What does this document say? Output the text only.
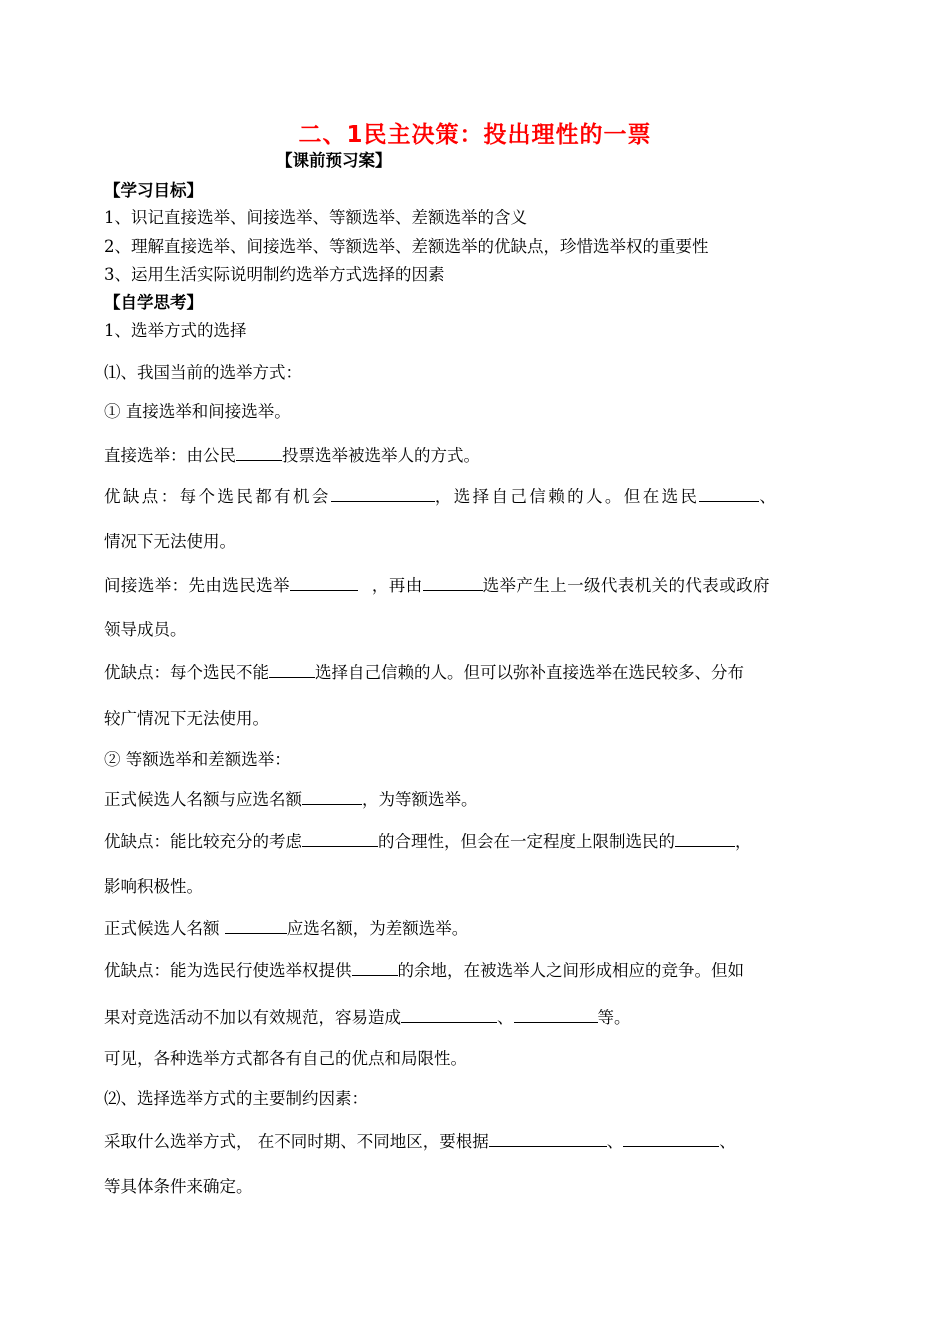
二、1民主决策：投出理性的一票
【课前预习案】
【学习目标】
1、识记直接选举、间接选举、等额选举、差额选举的含义
2、理解直接选举、间接选举、等额选举、差额选举的优缺点，珍惜选举权的重要性
3、运用生活实际说明制约选举方式选择的因素
【自学思考】
1、选举方式的选择
⑴、我国当前的选举方式：
① 直接选举和间接选举。
直接选举：由公民	投票选举被选举人的方式。
优缺点：每个选民都有机会	，选择自己信赖的人。但在选民	、
情况下无法使用。
间接选举：先由选民选举	，再由	选举产生上一级代表机关的代表或政府
领导成员。
优缺点：每个选民不能	选择自己信赖的人。但可以弥补直接选举在选民较多、分布
较广情况下无法使用。
② 等额选举和差额选举：
正式候选人名额与应选名额	，为等额选举。
优缺点：能比较充分的考虑	的合理性，但会在一定程度上限制选民的	，
影响积极性。
正式候选人名额	应选名额，为差额选举。
优缺点：能为选民行使选举权提供	的余地，在被选举人之间形成相应的竞争。但如
果对竞选活动不加以有效规范，容易造成	、	等。
可见，各种选举方式都各有自己的优点和局限性。
⑵、选择选举方式的主要制约因素：
采取什么选举方式， 在不同时期、不同地区，要根据	、	、
等具体条件来确定。
